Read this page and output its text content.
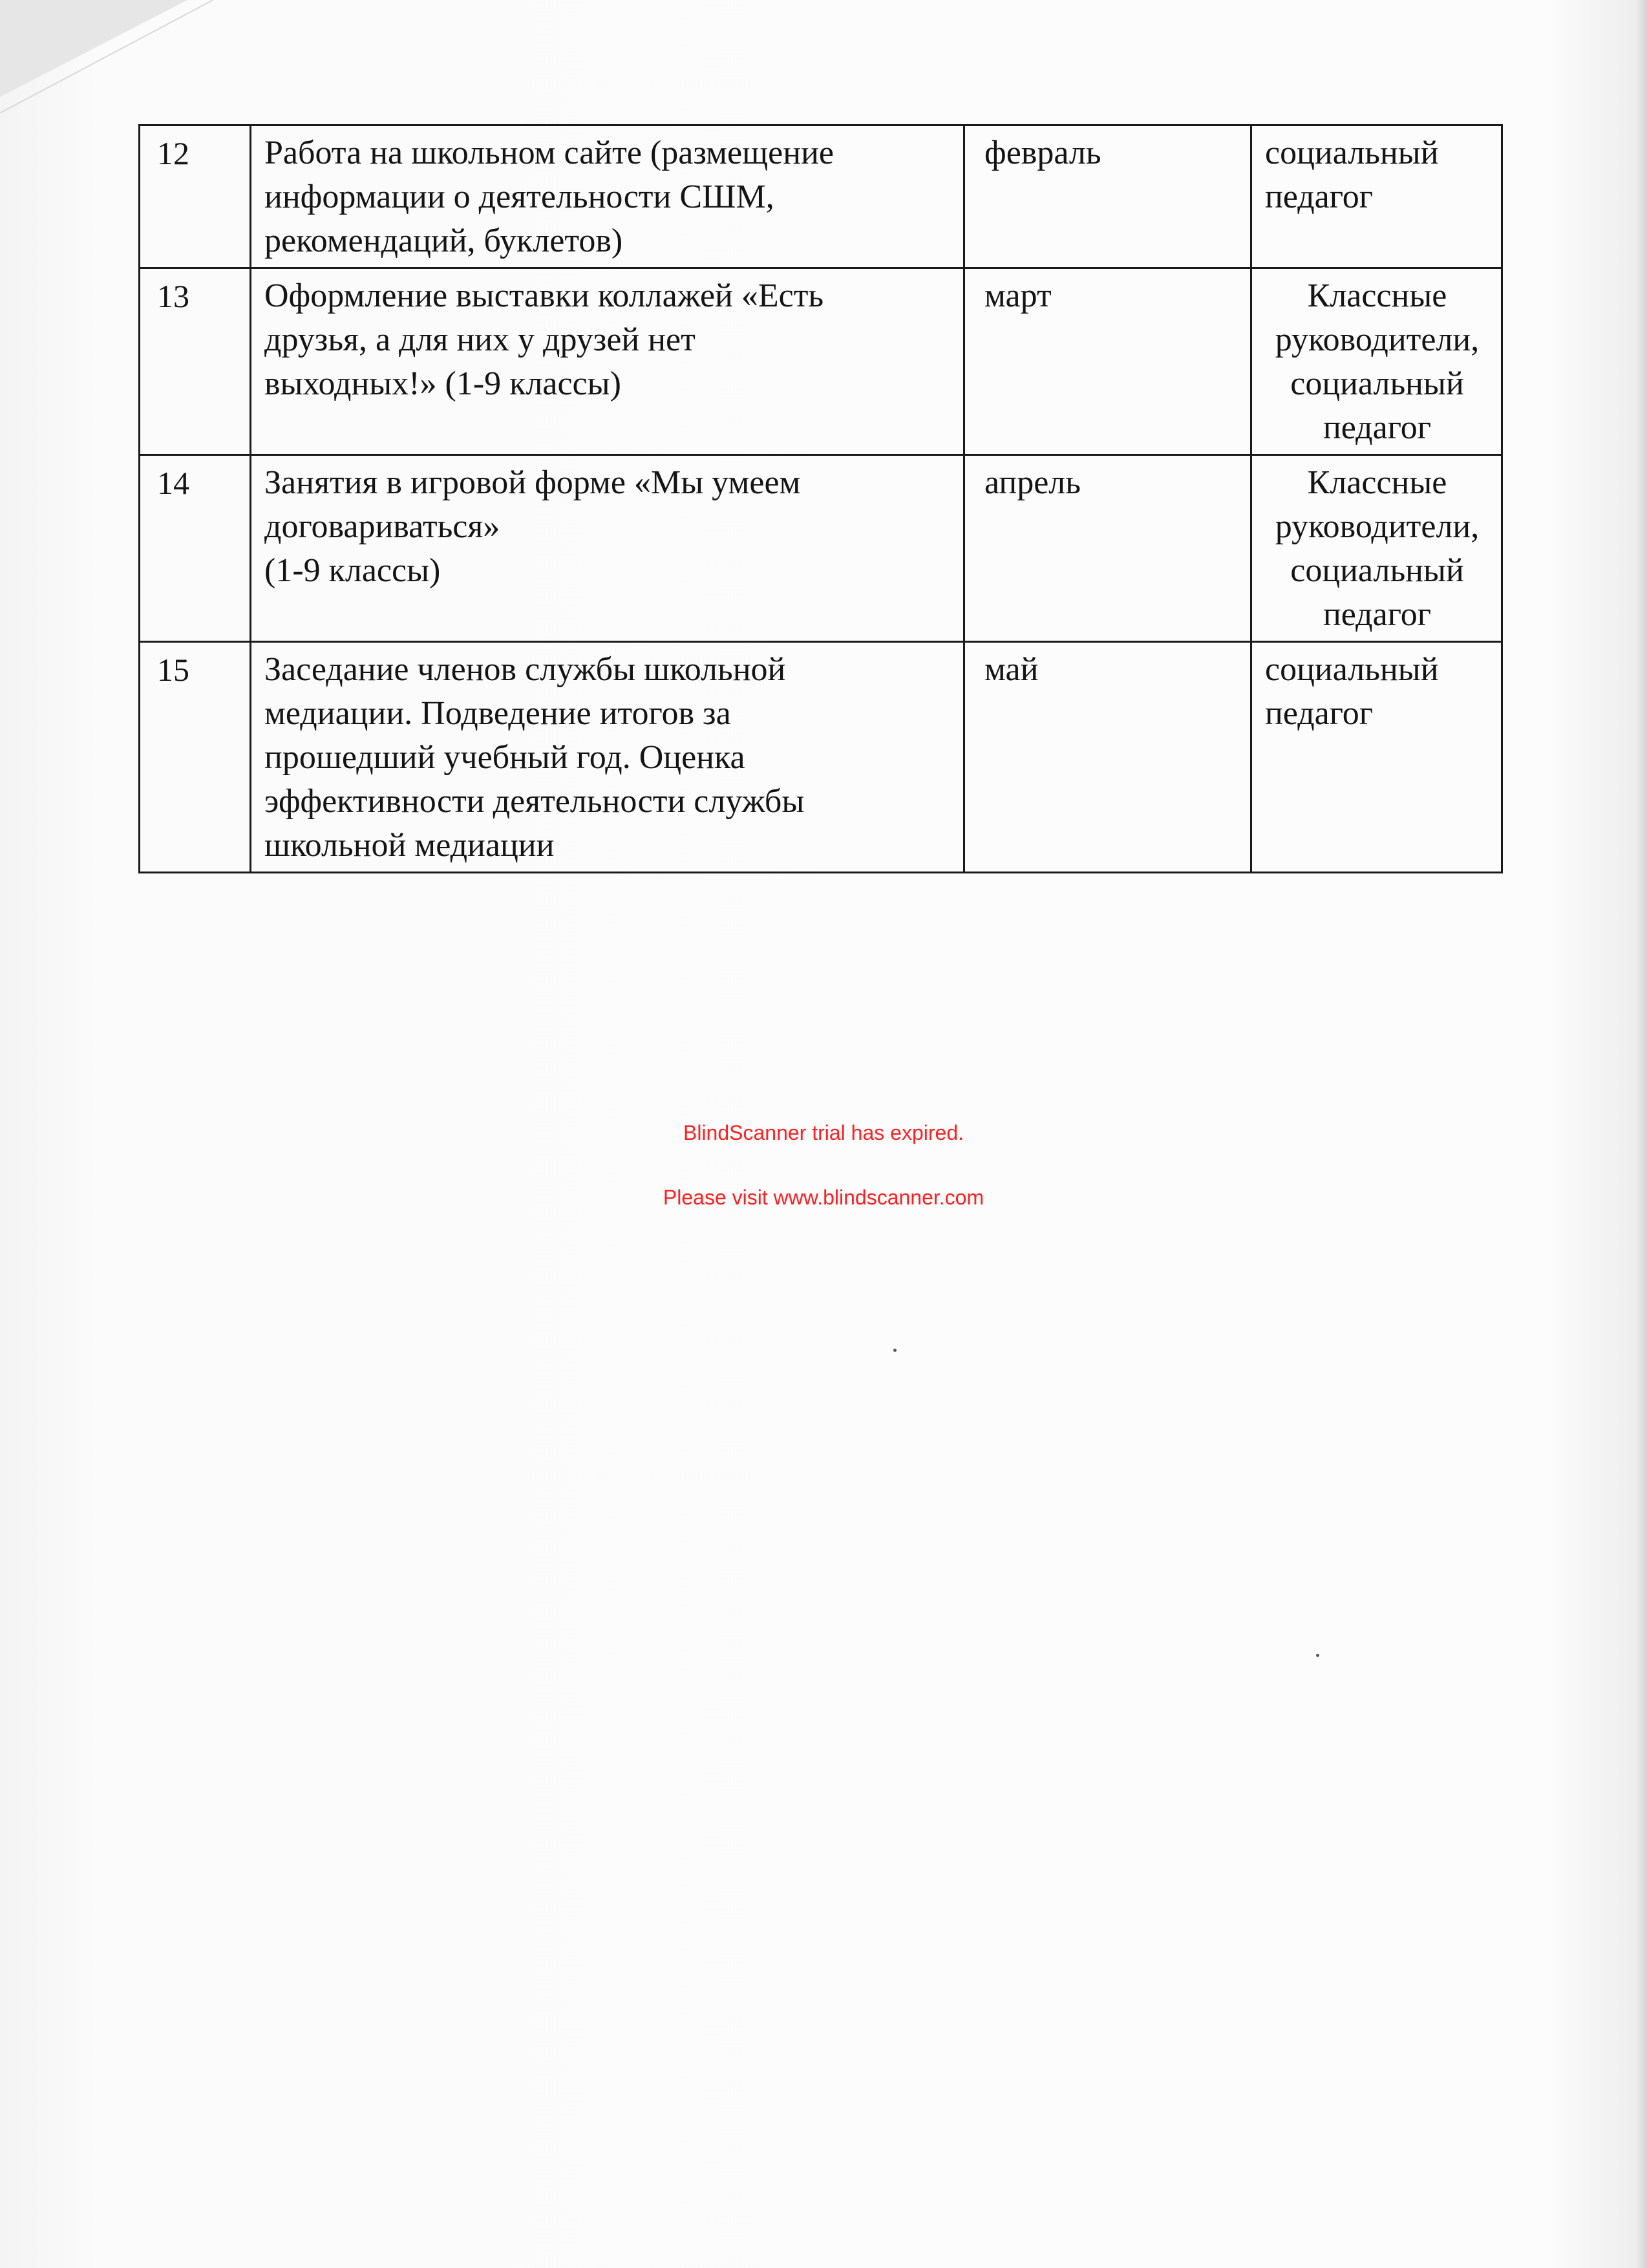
12	Работа на школьном сайте (размещение
информации о деятельности СШМ,
рекомендаций, буклетов)	февраль	социальный
педагог
13	Оформление выставки коллажей «Есть
друзья, а для них у друзей нет
выходных!» (1-9 классы)	март	Классные
руководители,
социальный
педагог
14	Занятия в игровой форме «Мы умеем
договариваться»
(1-9 классы)	апрель	Классные
руководители,
социальный
педагог
15	Заседание членов службы школьной
медиации. Подведение итогов за
прошедший учебный год. Оценка
эффективности деятельности службы
школьной медиации	май	социальный
педагог
BlindScanner trial has expired.
Please visit www.blindscanner.com
